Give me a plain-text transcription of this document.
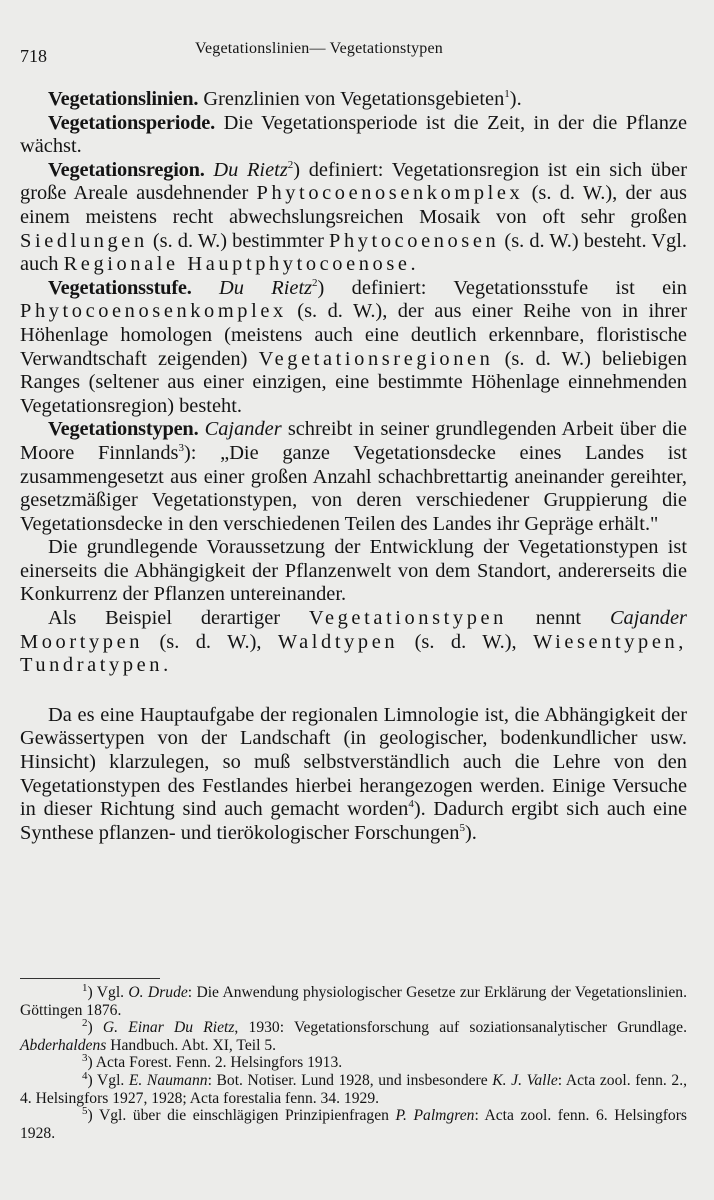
718	Vegetationslinien— Vegetationstypen

Vegetationslinien. Grenzlinien von Vegetationsgebieten$^1$).

Vegetationsperiode. Die Vegetationsperiode ist die Zeit, in der die Pflanze wächst.

Vegetationsregion. Du Rietz$^2$) definiert: Vegetationsregion ist ein sich über große Areale ausdehnender Phytocoenosenkomplex (s. d. W.), der aus einem meistens recht abwechslungsreichen Mosaik von oft sehr großen Siedlungen (s. d. W.) bestimmter Phytocoenosen (s. d. W.) besteht. Vgl. auch Regionale Hauptphytocoenose.

Vegetationsstufe. Du Rietz$^2$) definiert: Vegetationsstufe ist ein Phytocoenosenkomplex (s. d. W.), der aus einer Reihe von in ihrer Höhenlage homologen (meistens auch eine deutlich erkennbare, floristische Verwandtschaft zeigenden) Vegetationsregionen (s. d. W.) beliebigen Ranges (seltener aus einer einzigen, eine bestimmte Höhenlage einnehmenden Vegetationsregion) besteht.

Vegetationstypen. Cajander schreibt in seiner grundlegenden Arbeit über die Moore Finnlands$^3$): „Die ganze Vegetationsdecke eines Landes ist zusammengesetzt aus einer großen Anzahl schachbrettartig aneinander gereihter, gesetzmäßiger Vegetationstypen, von deren verschiedener Gruppierung die Vegetationsdecke in den verschiedenen Teilen des Landes ihr Gepräge erhält."

Die grundlegende Voraussetzung der Entwicklung der Vegetationstypen ist einerseits die Abhängigkeit der Pflanzenwelt von dem Standort, andererseits die Konkurrenz der Pflanzen untereinander.

Als Beispiel derartiger Vegetationstypen nennt Cajander Moortypen (s. d. W.), Waldtypen (s. d. W.), Wiesentypen, Tundratypen.

Da es eine Hauptaufgabe der regionalen Limnologie ist, die Abhängigkeit der Gewässertypen von der Landschaft (in geologischer, bodenkundlicher usw. Hinsicht) klarzulegen, so muß selbstverständlich auch die Lehre von den Vegetationstypen des Festlandes hierbei herangezogen werden. Einige Versuche in dieser Richtung sind auch gemacht worden$^4$). Dadurch ergibt sich auch eine Synthese pflanzen- und tierökologischer Forschungen$^5$).

$^1$) Vgl. O. Drude: Die Anwendung physiologischer Gesetze zur Erklärung der Vegetationslinien. Göttingen 1876.

$^2$) G. Einar Du Rietz, 1930: Vegetationsforschung auf soziationsanalytischer Grundlage. Abderhaldens Handbuch. Abt. XI, Teil 5.

$^3$) Acta Forest. Fenn. 2. Helsingfors 1913.

$^4$) Vgl. E. Naumann: Bot. Notiser. Lund 1928, und insbesondere K. J. Valle: Acta zool. fenn. 2., 4. Helsingfors 1927, 1928; Acta forestalia fenn. 34. 1929.

$^5$) Vgl. über die einschlägigen Prinzipienfragen P. Palmgren: Acta zool. fenn. 6. Helsingfors 1928.
